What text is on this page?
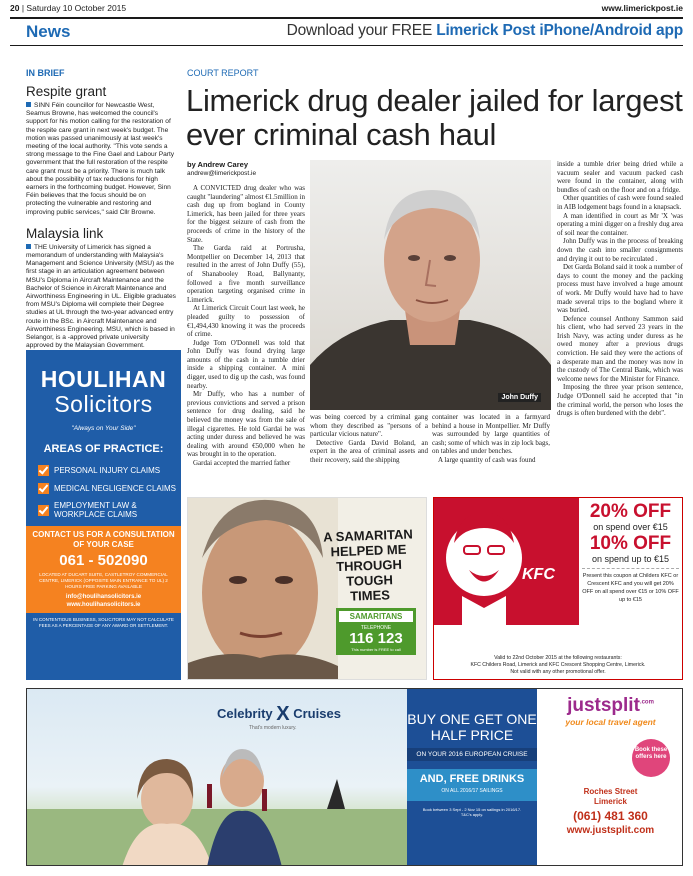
20 | Saturday 10 October 2015	www.limerickpost.ie
News	Download your FREE Limerick Post iPhone/Android app
IN BRIEF
Respite grant
SINN Féin councillor for Newcastle West, Seamus Browne, has welcomed the council's support for his motion calling for the restoration of the respite care grant in next week's budget. The motion was passed unanimously at last week's meeting of the local authority. "This vote sends a strong message to the Fine Gael and Labour Party government that the full restoration of the respite care grant must be a priority. There is much talk about the possibility of tax reductions for high earners in the forthcoming budget. However, Sinn Féin believes that the focus should be on protecting the vulnerable and restoring and improving public services," said Cllr Browne.
Malaysia link
THE University of Limerick has signed a memorandum of understanding with Malaysia's Management and Science University (MSU) as the first stage in an articulation agreement between MSU's Diploma in Aircraft Maintenance and the Bachelor of Science in Aircraft Maintenance and Airworthiness Engineering in UL. Eligible graduates from MSU's Diploma will complete their Degree studies at UL through the two-year advanced entry route in the BSc. in Aircraft Maintenance and Airworthiness Engineering. MSU, which is based in Selangor, is a -approved private university approved by the Malaysian Government.
HOULIHAN
Solicitors
"Always on Your Side"
AREAS OF PRACTICE:
PERSONAL INJURY CLAIMS
MEDICAL NEGLIGENCE CLAIMS
EMPLOYMENT LAW & WORKPLACE CLAIMS
CONTACT US FOR A CONSULTATION OF YOUR CASE
061 - 502090
LOCATED AT DUCART SUITE, CASTLETROY COMMERCIAL CENTRE, LIMERICK (OPPOSITE MAIN ENTRANCE TO UL) 2 HOURS FREE PARKING AVAILABLE
info@houlihansolicitors.ie
www.houlihansolicitors.ie
IN CONTENTIOUS BUSINESS, SOLICITORS MAY NOT CALCULATE FEES AS A PERCENTAGE OF ANY AWARD OR SETTLEMENT.
COURT REPORT
Limerick drug dealer jailed for largest ever criminal cash haul
by Andrew Carey
andrew@limerickpost.ie

A CONVICTED drug dealer who was caught "laundering" almost €1.5million in cash dug up from bogland in County Limerick, has been jailed for three years for the biggest seizure of cash from the proceeds of crime in the history of the State.

The Garda raid at Portrusha, Montpellier on December 14, 2013 that resulted in the arrest of John Duffy (55), of Shanabooley Road, Ballynanty, followed a five month surveillance operation targeting organised crime in Limerick.

At Limerick Circuit Court last week, he pleaded guilty to possession of €1,494,430 knowing it was the proceeds of crime.

Judge Tom O'Donnell was told that John Duffy was found drying large amounts of the cash in a tumble drier inside a shipping container. A mini digger, used to dig up the cash, was found nearby.

Mr Duffy, who has a number of previous convictions and served a prison sentence for drug dealing, said he believed the money was from the sale of illegal cigarettes. He told Gardai he was acting under duress and believed he was dealing with around €50,000 when he was brought in to the operation.

Gardai accepted the married father

John Duffy

was being coerced by a criminal gang whom they described as "persons of a particular vicious nature".

Detective Garda David Boland, an expert in the area of criminal assets and their recovery, said the shipping

container was located in a farmyard behind a house in Montpellier. Mr Duffy was surrounded by large quantities of cash; some of which was in zip lock bags, on tables and under benches.

A large quantity of cash was found

inside a tumble drier being dried while a vacuum sealer and vacuum packed cash were found in the container, along with bundles of cash on the floor and on a fridge.

Other quantities of cash were found sealed in AIB lodgement bags found in a knapsack.

A man identified in court as Mr 'X 'was operating a mini digger on a freshly dug area of soil near the container.

John Duffy was in the process of breaking down the cash into smaller consignments and drying it out to be recirculated .

Det Garda Boland said it took a number of days to count the money and the packing process must have involved a huge amount of work. Mr Duffy would have had to have made several trips to the bogland where it was buried.

Defence counsel Anthony Sammon said his client, who had served 23 years in the Irish Navy, was acting under duress as he owed money after a previous drugs conviction. He said they were the actions of a desperate man and the money was now in the custody of The Central Bank, which was welcome news for the Minister for Finance.

Imposing the three year prison sentence, Judge O'Donnell said he accepted that "in the criminal world, the person who loses the drugs is often burdened with the debt".

A SAMARITAN HELPED ME THROUGH TOUGH TIMES
SAMARITANS
TELEPHONE
116 123
This number is FREE to call
KFC
20% OFF
on spend over €15
10% OFF
on spend up to €15
Present this coupon at Childers KFC or Crescent KFC and you will get 20% OFF on all spend over €15 or 10% OFF up to €15
Valid to 22nd October 2015 at the following restaurants:
KFC Childers Road, Limerick and KFC Crescent Shopping Centre, Limerick.
Not valid with any other promotional offer.
Celebrity X Cruises
That's modern luxury.
BUY ONE GET ONE HALF PRICE
ON YOUR 2016 EUROPEAN CRUISE
AND, FREE DRINKS
ON ALL 2016/17 SAILINGS
Book between 3 Sept - 2 Nov 15 on sailings in 2016/17. T&C's apply.
justsplit$^{.com}$
your local travel agent
Book these offers here
Roches Street
Limerick
(061) 481 360
www.justsplit.com
